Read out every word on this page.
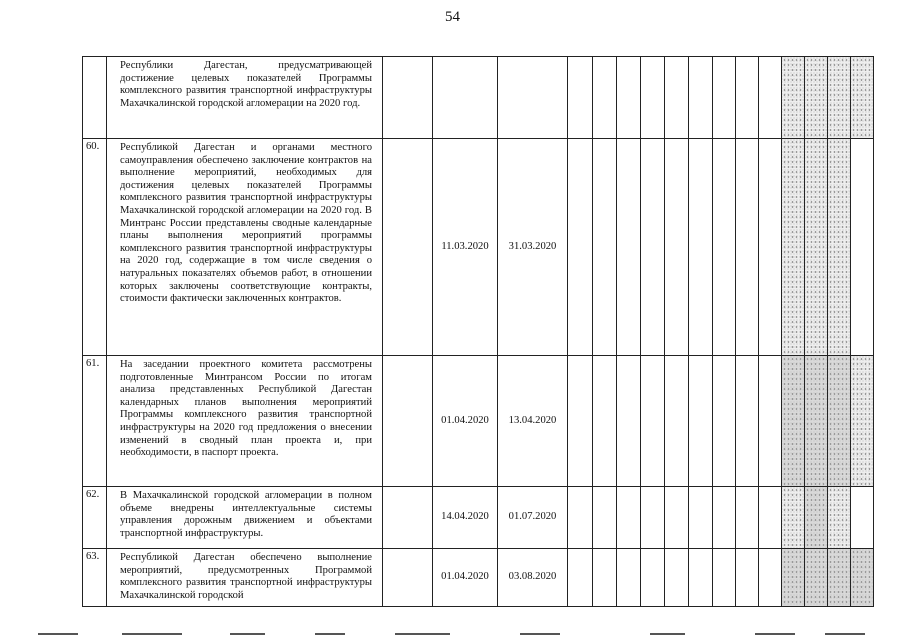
54

	Республики Дагестан, предусматривающей достижение целевых показателей Программы комплексного развития транспортной инфраструктуры Махачкалинской городской агломерации на 2020 год.																

60.	Республикой Дагестан и органами местного самоуправления обеспечено заключение контрактов на выполнение мероприятий, необходимых для достижения целевых показателей Программы комплексного развития транспортной инфраструктуры Махачкалинской городской агломерации на 2020 год. В Минтранс России представлены сводные календарные планы выполнения мероприятий программы комплексного развития транспортной инфраструктуры на 2020 год, содержащие в том числе сведения о натуральных показателях объемов работ, в отношении которых заключены соответствующие контракты, стоимости фактически заключенных контрактов.		11.03.2020	31.03.2020													
61.	На заседании проектного комитета рассмотрены подготовленные Минтрансом России по итогам анализа представленных Республикой Дагестан календарных планов выполнения мероприятий Программы комплексного развития транспортной инфраструктуры на 2020 год предложения о внесении изменений в сводный план проекта и, при необходимости, в паспорт проекта.		01.04.2020	13.04.2020													
62.	В Махачкалинской городской агломерации в полном объеме внедрены интеллектуальные системы управления дорожным движением и объектами транспортной инфраструктуры.		14.04.2020	01.07.2020													
63.	Республикой Дагестан обеспечено выполнение мероприятий, предусмотренных Программой комплексного развития транспортной инфраструктуры Махачкалинской городской		01.04.2020	03.08.2020													
